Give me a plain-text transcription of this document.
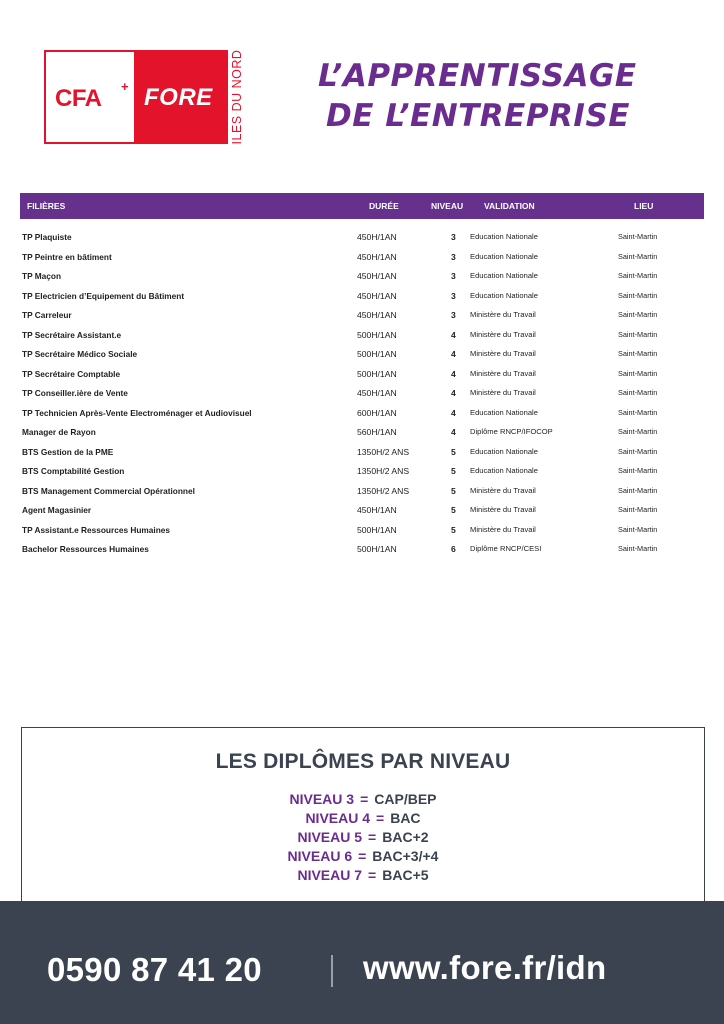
CFA + FORE ILES DU NORD L’APPRENTISSAGE
DE L’ENTREPRISE
FILIÈRES	DURÉE	NIVEAU VALIDATION	LIEU
TP Plaquiste	450H/1AN	3 Education Nationale	Saint-Martin
TP Peintre en bâtiment	450H/1AN	3 Education Nationale	Saint-Martin
TP Maçon	450H/1AN	3 Education Nationale	Saint-Martin
TP Electricien d’Equipement du Bâtiment	450H/1AN	3 Education Nationale	Saint-Martin
TP Carreleur	450H/1AN	3 Ministère du Travail	Saint-Martin
TP Secrétaire Assistant.e	500H/1AN	4 Ministère du Travail	Saint-Martin
TP Secrétaire Médico Sociale	500H/1AN	4 Ministère du Travail	Saint-Martin
TP Secrétaire Comptable	500H/1AN	4 Ministère du Travail	Saint-Martin
TP Conseiller.ière de Vente	450H/1AN	4 Ministère du Travail	Saint-Martin
TP Technicien Après-Vente Electroménager et Audiovisuel	600H/1AN	4 Education Nationale	Saint-Martin
Manager de Rayon	560H/1AN	4 Diplôme RNCP/IFOCOP	Saint-Martin
BTS Gestion de la PME	1350H/2 ANS	5 Education Nationale	Saint-Martin
BTS Comptabilité Gestion	1350H/2 ANS	5 Education Nationale	Saint-Martin
BTS Management Commercial Opérationnel	1350H/2 ANS	5 Ministère du Travail	Saint-Martin
Agent Magasinier	450H/1AN	5 Ministère du Travail	Saint-Martin
TP Assistant.e Ressources Humaines	500H/1AN	5 Ministère du Travail	Saint-Martin
Bachelor Ressources Humaines	500H/1AN	6 Diplôme RNCP/CESI	Saint-Martin
LES DIPLÔMES PAR NIVEAU
NIVEAU 3 = CAP/BEP
NIVEAU 4 = BAC
NIVEAU 5 = BAC+2
NIVEAU 6 = BAC+3/+4
NIVEAU 7 = BAC+5
0590 87 41 20	www.fore.fr/idn
